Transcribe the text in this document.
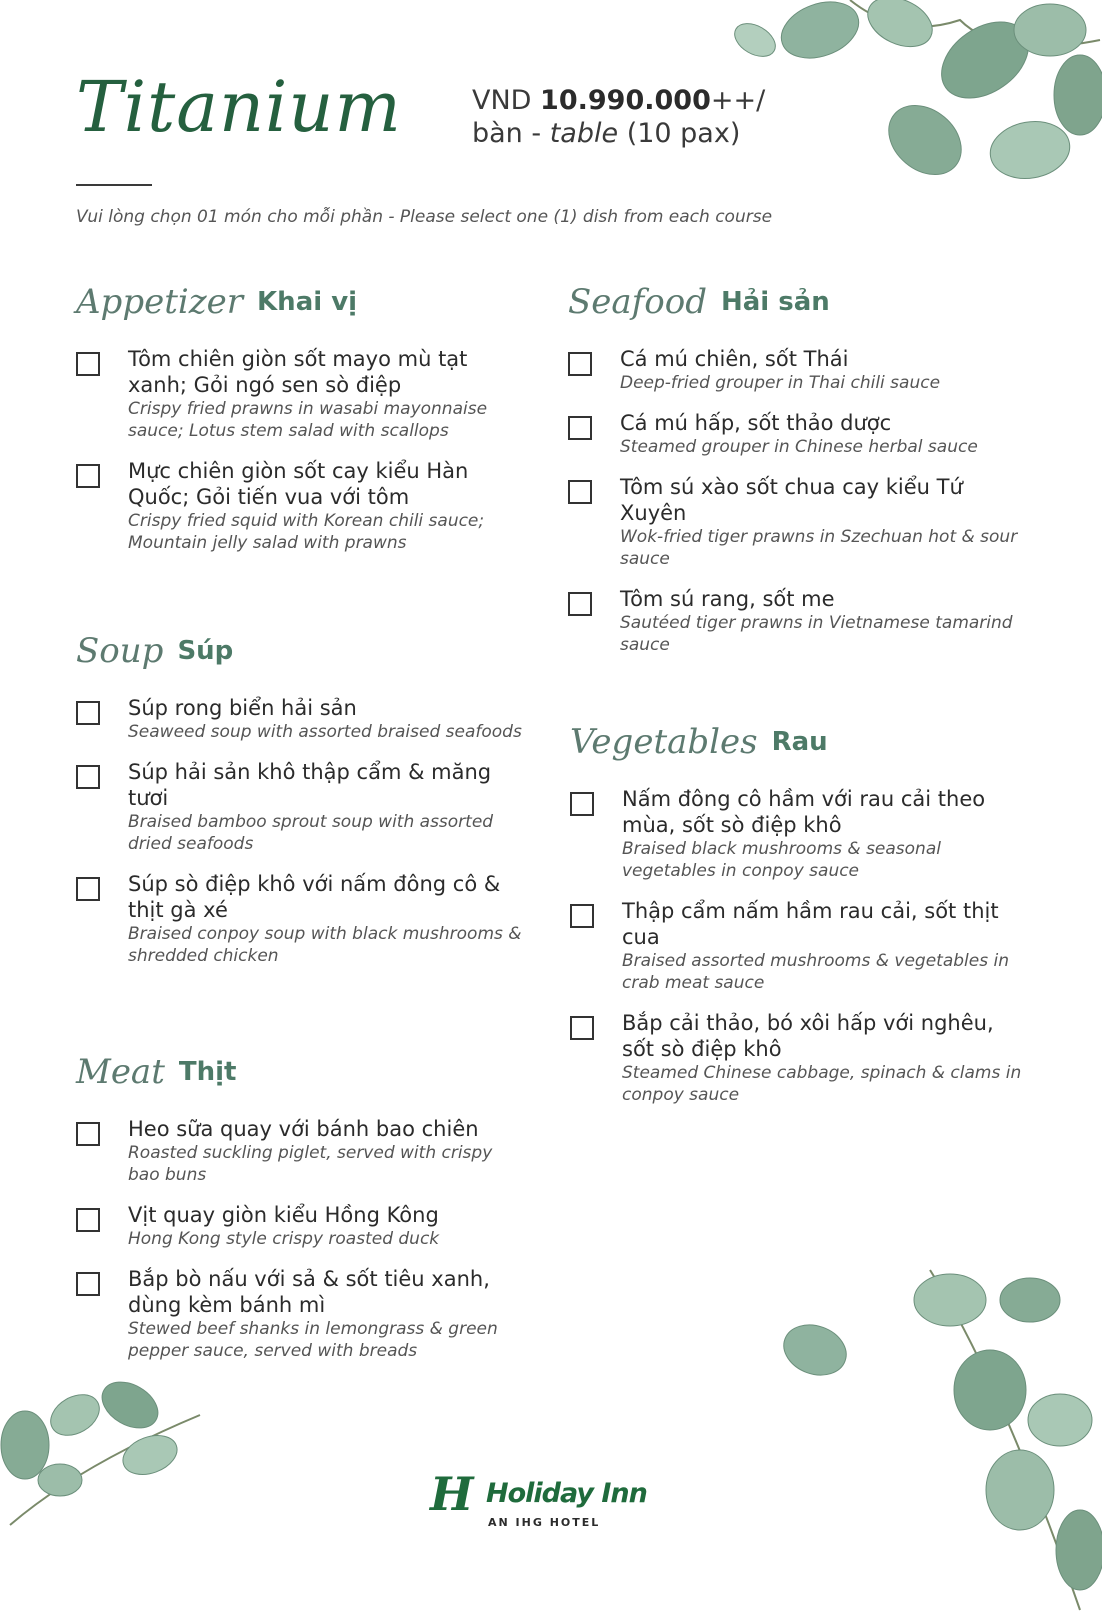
Titanium	VND 10.990.000++/
bàn - table (10 pax)
Vui lòng chọn 01 món cho mỗi phần - Please select one (1) dish from each course
Appetizer Khai vị
Tôm chiên giòn sốt mayo mù tạt xanh; Gỏi ngó sen sò điệp
Crispy fried prawns in wasabi mayonnaise sauce; Lotus stem salad with scallops
Mực chiên giòn sốt cay kiểu Hàn Quốc; Gỏi tiến vua với tôm
Crispy fried squid with Korean chili sauce; Mountain jelly salad with prawns
Soup Súp
Súp rong biển hải sản
Seaweed soup with assorted braised seafoods
Súp hải sản khô thập cẩm & măng tươi
Braised bamboo sprout soup with assorted dried seafoods
Súp sò điệp khô với nấm đông cô & thịt gà xé
Braised conpoy soup with black mushrooms & shredded chicken
Meat Thịt
Heo sữa quay với bánh bao chiên
Roasted suckling piglet, served with crispy bao buns
Vịt quay giòn kiểu Hồng Kông
Hong Kong style crispy roasted duck
Bắp bò nấu với sả & sốt tiêu xanh, dùng kèm bánh mì
Stewed beef shanks in lemongrass & green pepper sauce, served with breads
Seafood Hải sản
Cá mú chiên, sốt Thái
Deep-fried grouper in Thai chili sauce
Cá mú hấp, sốt thảo dược
Steamed grouper in Chinese herbal sauce
Tôm sú xào sốt chua cay kiểu Tứ Xuyên
Wok-fried tiger prawns in Szechuan hot & sour sauce
Tôm sú rang, sốt me
Sautéed tiger prawns in Vietnamese tamarind sauce
Vegetables Rau
Nấm đông cô hầm với rau cải theo mùa, sốt sò điệp khô
Braised black mushrooms & seasonal vegetables in conpoy sauce
Thập cẩm nấm hầm rau cải, sốt thịt cua
Braised assorted mushrooms & vegetables in crab meat sauce
Bắp cải thảo, bó xôi hấp với nghêu, sốt sò điệp khô
Steamed Chinese cabbage, spinach & clams in conpoy sauce
H Holiday Inn
AN IHG HOTEL
